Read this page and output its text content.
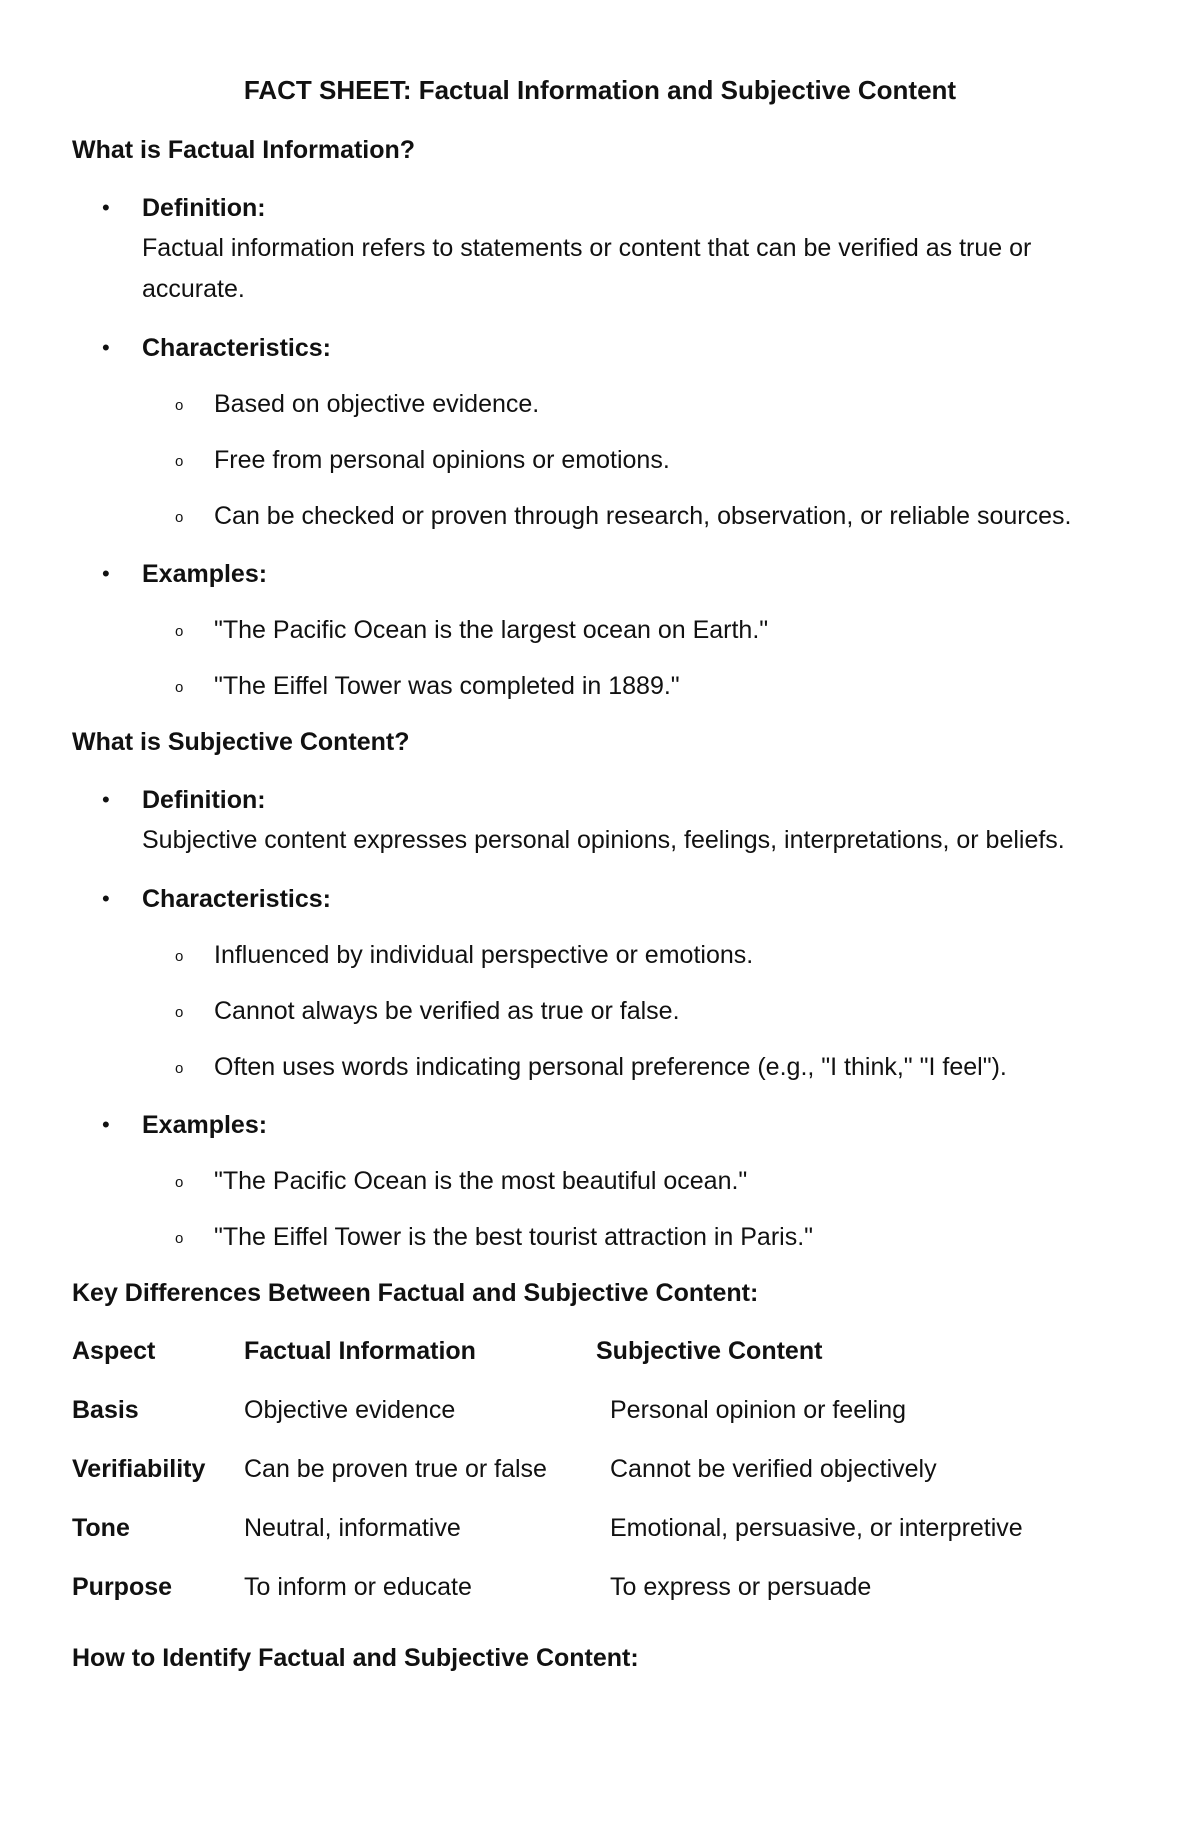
FACT SHEET: Factual Information and Subjective Content
What is Factual Information?
• Definition:
Factual information refers to statements or content that can be verified as true or accurate.
• Characteristics:
o Based on objective evidence.
o Free from personal opinions or emotions.
o Can be checked or proven through research, observation, or reliable sources.
• Examples:
o "The Pacific Ocean is the largest ocean on Earth."
o "The Eiffel Tower was completed in 1889."
What is Subjective Content?
• Definition:
Subjective content expresses personal opinions, feelings, interpretations, or beliefs.
• Characteristics:
o Influenced by individual perspective or emotions.
o Cannot always be verified as true or false.
o Often uses words indicating personal preference (e.g., "I think," "I feel").
• Examples:
o "The Pacific Ocean is the most beautiful ocean."
o "The Eiffel Tower is the best tourist attraction in Paris."
Key Differences Between Factual and Subjective Content:
Aspect	Factual Information	Subjective Content
Basis	Objective evidence	Personal opinion or feeling
Verifiability	Can be proven true or false	Cannot be verified objectively
Tone	Neutral, informative	Emotional, persuasive, or interpretive
Purpose	To inform or educate	To express or persuade
How to Identify Factual and Subjective Content:
